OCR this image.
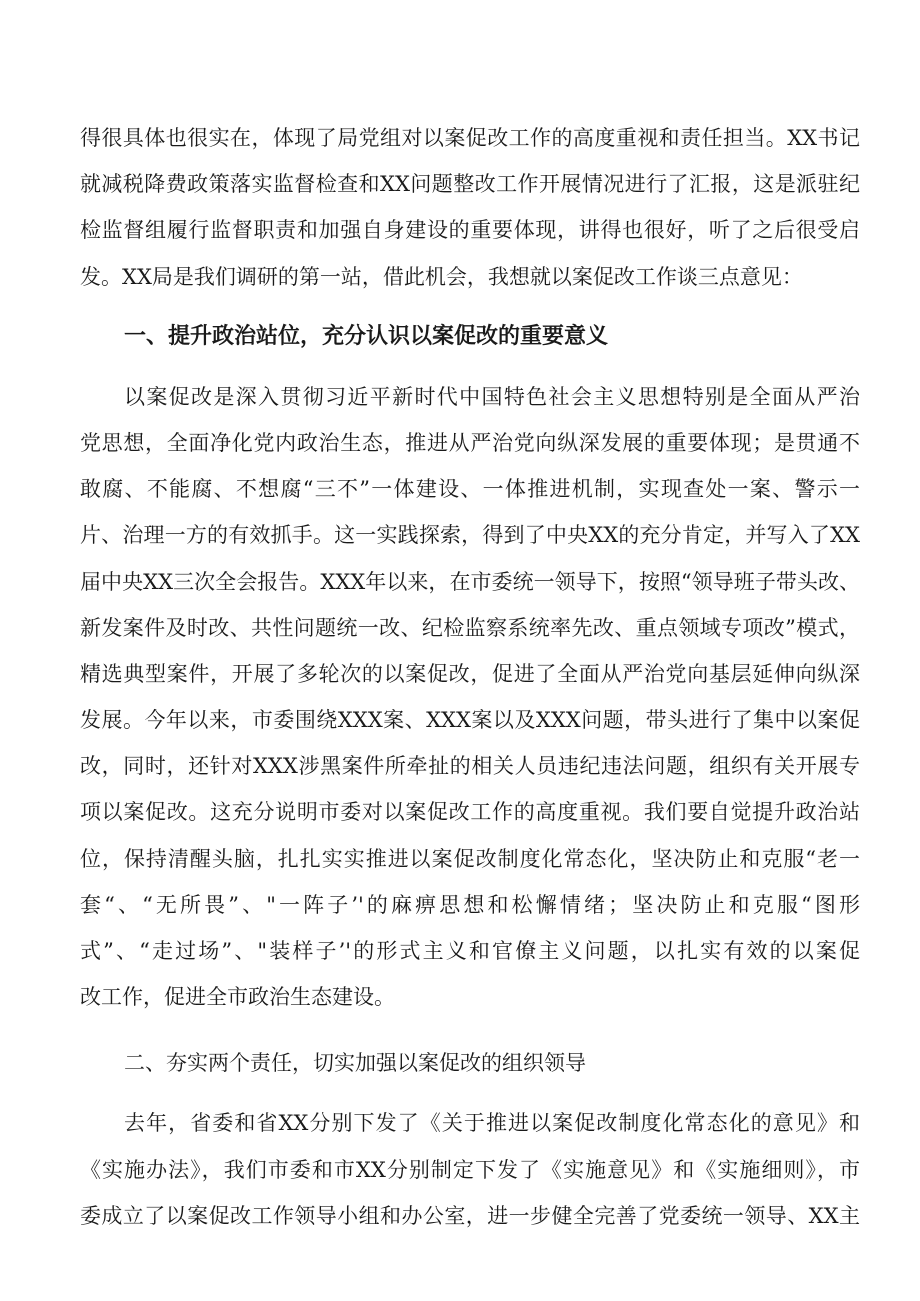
得很具体也很实在，体现了局党组对以案促改工作的高度重视和责任担当。XX书记
就减税降费政策落实监督检查和XX问题整改工作开展情况进行了汇报，这是派驻纪
检监督组履行监督职责和加强自身建设的重要体现，讲得也很好，听了之后很受启
发。XX局是我们调研的第一站，借此机会，我想就以案促改工作谈三点意见：
一、提升政治站位，充分认识以案促改的重要意义
以案促改是深入贯彻习近平新时代中国特色社会主义思想特别是全面从严治
党思想，全面净化党内政治生态，推进从严治党向纵深发展的重要体现；是贯通不
敢腐、不能腐、不想腐“三不”一体建设、一体推进机制，实现查处一案、警示一
片、治理一方的有效抓手。这一实践探索，得到了中央XX的充分肯定，并写入了XX
届中央XX三次全会报告。XXX年以来，在市委统一领导下，按照“领导班子带头改、
新发案件及时改、共性问题统一改、纪检监察系统率先改、重点领域专项改”模式，
精选典型案件，开展了多轮次的以案促改，促进了全面从严治党向基层延伸向纵深
发展。今年以来，市委围绕XXX案、XXX案以及XXX问题，带头进行了集中以案促
改，同时，还针对XXX涉黑案件所牵扯的相关人员违纪违法问题，组织有关开展专
项以案促改。这充分说明市委对以案促改工作的高度重视。我们要自觉提升政治站
位，保持清醒头脑，扎扎实实推进以案促改制度化常态化，坚决防止和克服“老一
套“、“无所畏”、"一阵子’'的麻痹思想和松懈情绪；坚决防止和克服“图形
式”、“走过场”、"装样子’'的形式主义和官僚主义问题，以扎实有效的以案促
改工作，促进全市政治生态建设。
二、夯实两个责任，切实加强以案促改的组织领导
去年，省委和省XX分别下发了《关于推进以案促改制度化常态化的意见》和
《实施办法》，我们市委和市XX分别制定下发了《实施意见》和《实施细则》，市
委成立了以案促改工作领导小组和办公室，进一步健全完善了党委统一领导、XX主
